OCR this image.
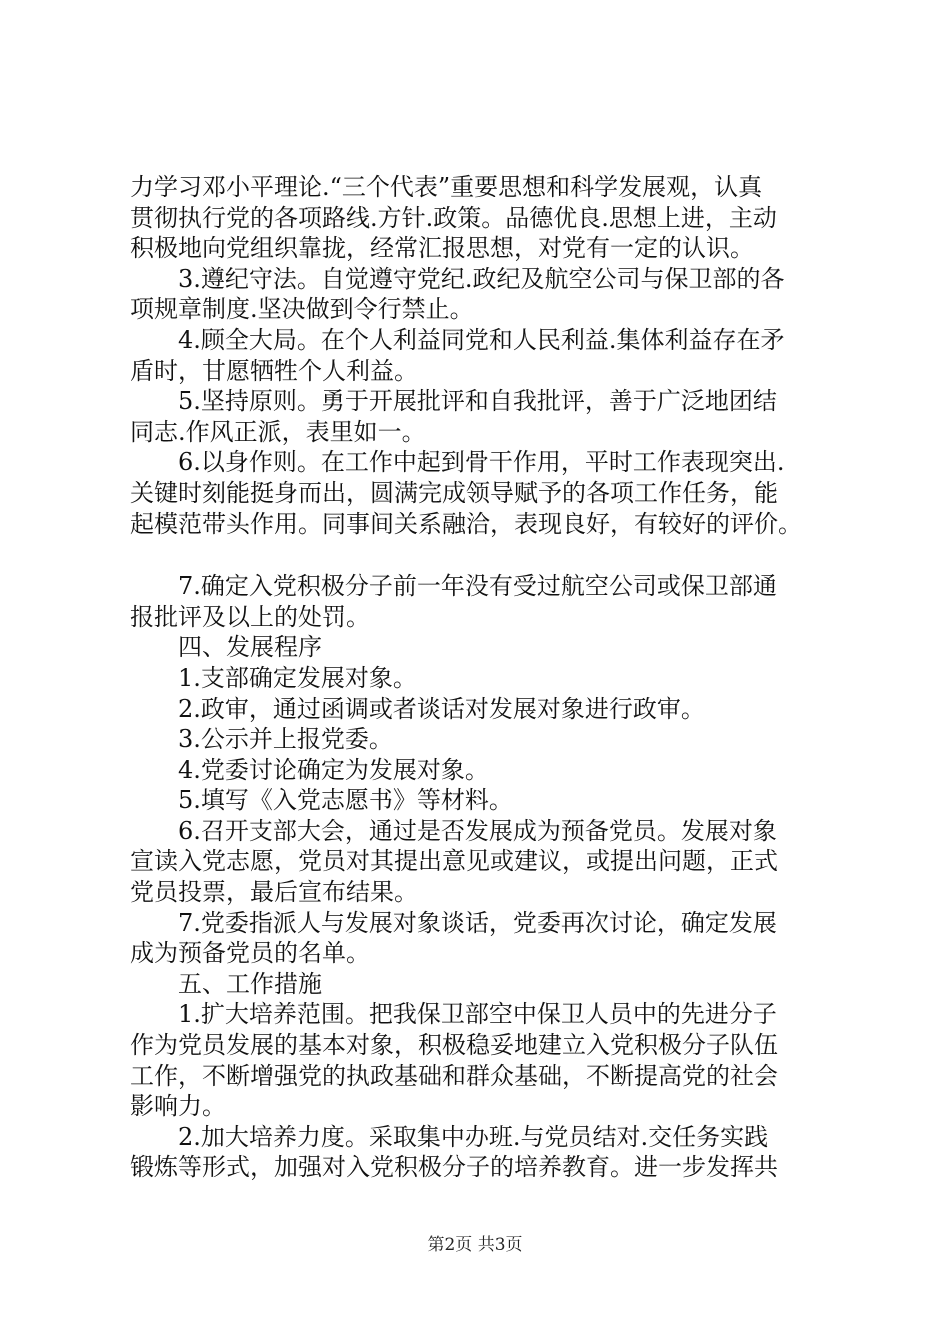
力学习邓小平理论.“三个代表”重要思想和科学发展观，认真
贯彻执行党的各项路线.方针.政策。品德优良.思想上进，主动
积极地向党组织靠拢，经常汇报思想，对党有一定的认识。
3.遵纪守法。自觉遵守党纪.政纪及航空公司与保卫部的各
项规章制度.坚决做到令行禁止。
4.顾全大局。在个人利益同党和人民利益.集体利益存在矛
盾时，甘愿牺牲个人利益。
5.坚持原则。勇于开展批评和自我批评，善于广泛地团结
同志.作风正派，表里如一。
6.以身作则。在工作中起到骨干作用，平时工作表现突出.
关键时刻能挺身而出，圆满完成领导赋予的各项工作任务，能
起模范带头作用。同事间关系融洽，表现良好，有较好的评价。
7.确定入党积极分子前一年没有受过航空公司或保卫部通
报批评及以上的处罚。
四、发展程序
1.支部确定发展对象。
2.政审，通过函调或者谈话对发展对象进行政审。
3.公示并上报党委。
4.党委讨论确定为发展对象。
5.填写《入党志愿书》等材料。
6.召开支部大会，通过是否发展成为预备党员。发展对象
宣读入党志愿，党员对其提出意见或建议，或提出问题，正式
党员投票，最后宣布结果。
7.党委指派人与发展对象谈话，党委再次讨论，确定发展
成为预备党员的名单。
五、工作措施
1.扩大培养范围。把我保卫部空中保卫人员中的先进分子
作为党员发展的基本对象，积极稳妥地建立入党积极分子队伍
工作，不断增强党的执政基础和群众基础，不断提高党的社会
影响力。
2.加大培养力度。采取集中办班.与党员结对.交任务实践
锻炼等形式，加强对入党积极分子的培养教育。进一步发挥共
第2页 共3页
